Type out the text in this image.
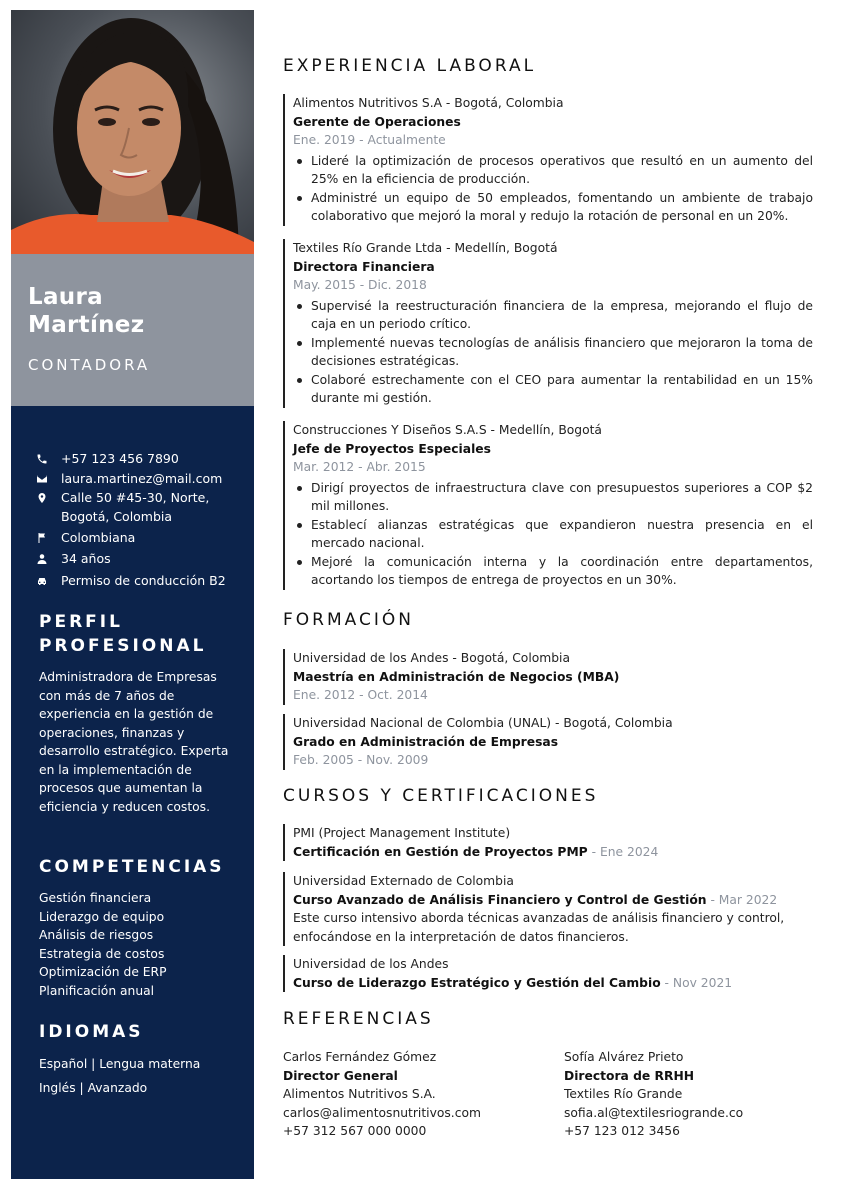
Laura
Martínez
CONTADORA
+57 123 456 7890
laura.martinez@mail.com
Calle 50 #45-30, Norte,
Bogotá, Colombia
Colombiana
34 años
Permiso de conducción B2
PERFIL
PROFESIONAL
Administradora de Empresas con más de 7 años de experiencia en la gestión de operaciones, finanzas y desarrollo estratégico. Experta en la implementación de procesos que aumentan la eficiencia y reducen costos.
COMPETENCIAS
Gestión financiera
Liderazgo de equipo
Análisis de riesgos
Estrategia de costos
Optimización de ERP
Planificación anual
IDIOMAS
Español | Lengua materna
Inglés | Avanzado
EXPERIENCIA LABORAL
Alimentos Nutritivos S.A - Bogotá, Colombia
Gerente de Operaciones
Ene. 2019 - Actualmente
Lideré la optimización de procesos operativos que resultó en un aumento del 25% en la eficiencia de producción.
Administré un equipo de 50 empleados, fomentando un ambiente de trabajo colaborativo que mejoró la moral y redujo la rotación de personal en un 20%.
Textiles Río Grande Ltda - Medellín, Bogotá
Directora Financiera
May. 2015 - Dic. 2018
Supervisé la reestructuración financiera de la empresa, mejorando el flujo de caja en un periodo crítico.
Implementé nuevas tecnologías de análisis financiero que mejoraron la toma de decisiones estratégicas.
Colaboré estrechamente con el CEO para aumentar la rentabilidad en un 15% durante mi gestión.
Construcciones Y Diseños S.A.S - Medellín, Bogotá
Jefe de Proyectos Especiales
Mar. 2012 - Abr. 2015
Dirigí proyectos de infraestructura clave con presupuestos superiores a COP $2 mil millones.
Establecí alianzas estratégicas que expandieron nuestra presencia en el mercado nacional.
Mejoré la comunicación interna y la coordinación entre departamentos, acortando los tiempos de entrega de proyectos en un 30%.
FORMACIÓN
Universidad de los Andes - Bogotá, Colombia
Maestría en Administración de Negocios (MBA)
Ene. 2012 - Oct. 2014
Universidad Nacional de Colombia (UNAL) - Bogotá, Colombia
Grado en Administración de Empresas
Feb. 2005 - Nov. 2009
CURSOS Y CERTIFICACIONES
PMI (Project Management Institute)
Certificación en Gestión de Proyectos PMP - Ene 2024
Universidad Externado de Colombia
Curso Avanzado de Análisis Financiero y Control de Gestión - Mar 2022
Este curso intensivo aborda técnicas avanzadas de análisis financiero y control, enfocándose en la interpretación de datos financieros.
Universidad de los Andes
Curso de Liderazgo Estratégico y Gestión del Cambio - Nov 2021
REFERENCIAS
Carlos Fernández Gómez
Director General
Alimentos Nutritivos S.A.
carlos@alimentosnutritivos.com
+57 312 567 000 0000
Sofía Alvárez Prieto
Directora de RRHH
Textiles Río Grande
sofia.al@textilesriogrande.co
+57 123 012 3456
